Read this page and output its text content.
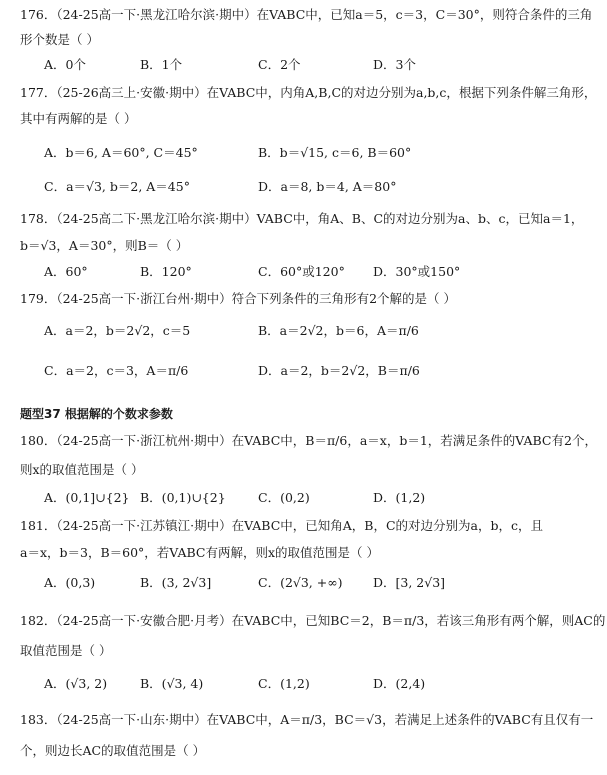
176．（24-25高一下·黑龙江哈尔滨·期中）在VABC中，已知a＝5，c＝3，C＝30°，则符合条件的三角
形个数是（ ）
A．0个	B．1个	C．2个	D．3个
177．（25-26高三上·安徽·期中）在VABC中，内角A,B,C的对边分别为a,b,c，根据下列条件解三角形，
其中有两解的是（ ）
A．b＝6, A＝60°, C＝45°	B．b＝√15, c＝6, B＝60°
C．a＝√3, b＝2, A＝45°	D．a＝8, b＝4, A＝80°
178．（24-25高二下·黑龙江哈尔滨·期中）VABC中，角A、B、C的对边分别为a、b、c，已知a＝1，
b＝√3，A＝30°，则B＝（ ）
A．60°	B．120°	C．60°或120° D．30°或150°
179．（24-25高一下·浙江台州·期中）符合下列条件的三角形有2个解的是（ ）
A．a＝2，b＝2√2，c＝5	B．a＝2√2，b＝6，A＝π/6
C．a＝2，c＝3，A＝π/6	D．a＝2，b＝2√2，B＝π/6
题型37 根据解的个数求参数
180．（24-25高一下·浙江杭州·期中）在VABC中，B＝π/6，a＝x，b＝1，若满足条件的VABC有2个，
则x的取值范围是（ ）
A．(0,1]∪{2} B．(0,1)∪{2}	C．(0,2)	D．(1,2)
181．（24-25高一下·江苏镇江·期中）在VABC中，已知角A，B，C的对边分别为a，b，c，且
a＝x，b＝3，B＝60°，若VABC有两解，则x的取值范围是（ ）
A．(0,3)	B．(3, 2√3]	C．(2√3, +∞) D．[3, 2√3]
182．（24-25高一下·安徽合肥·月考）在VABC中，已知BC＝2，B＝π/3，若该三角形有两个解，则AC的
取值范围是（ ）
A．(√3, 2)	B．(√3, 4)	C．(1,2)	D．(2,4)
183．（24-25高一下·山东·期中）在VABC中，A＝π/3，BC＝√3，若满足上述条件的VABC有且仅有一
个，则边长AC的取值范围是（ ）
